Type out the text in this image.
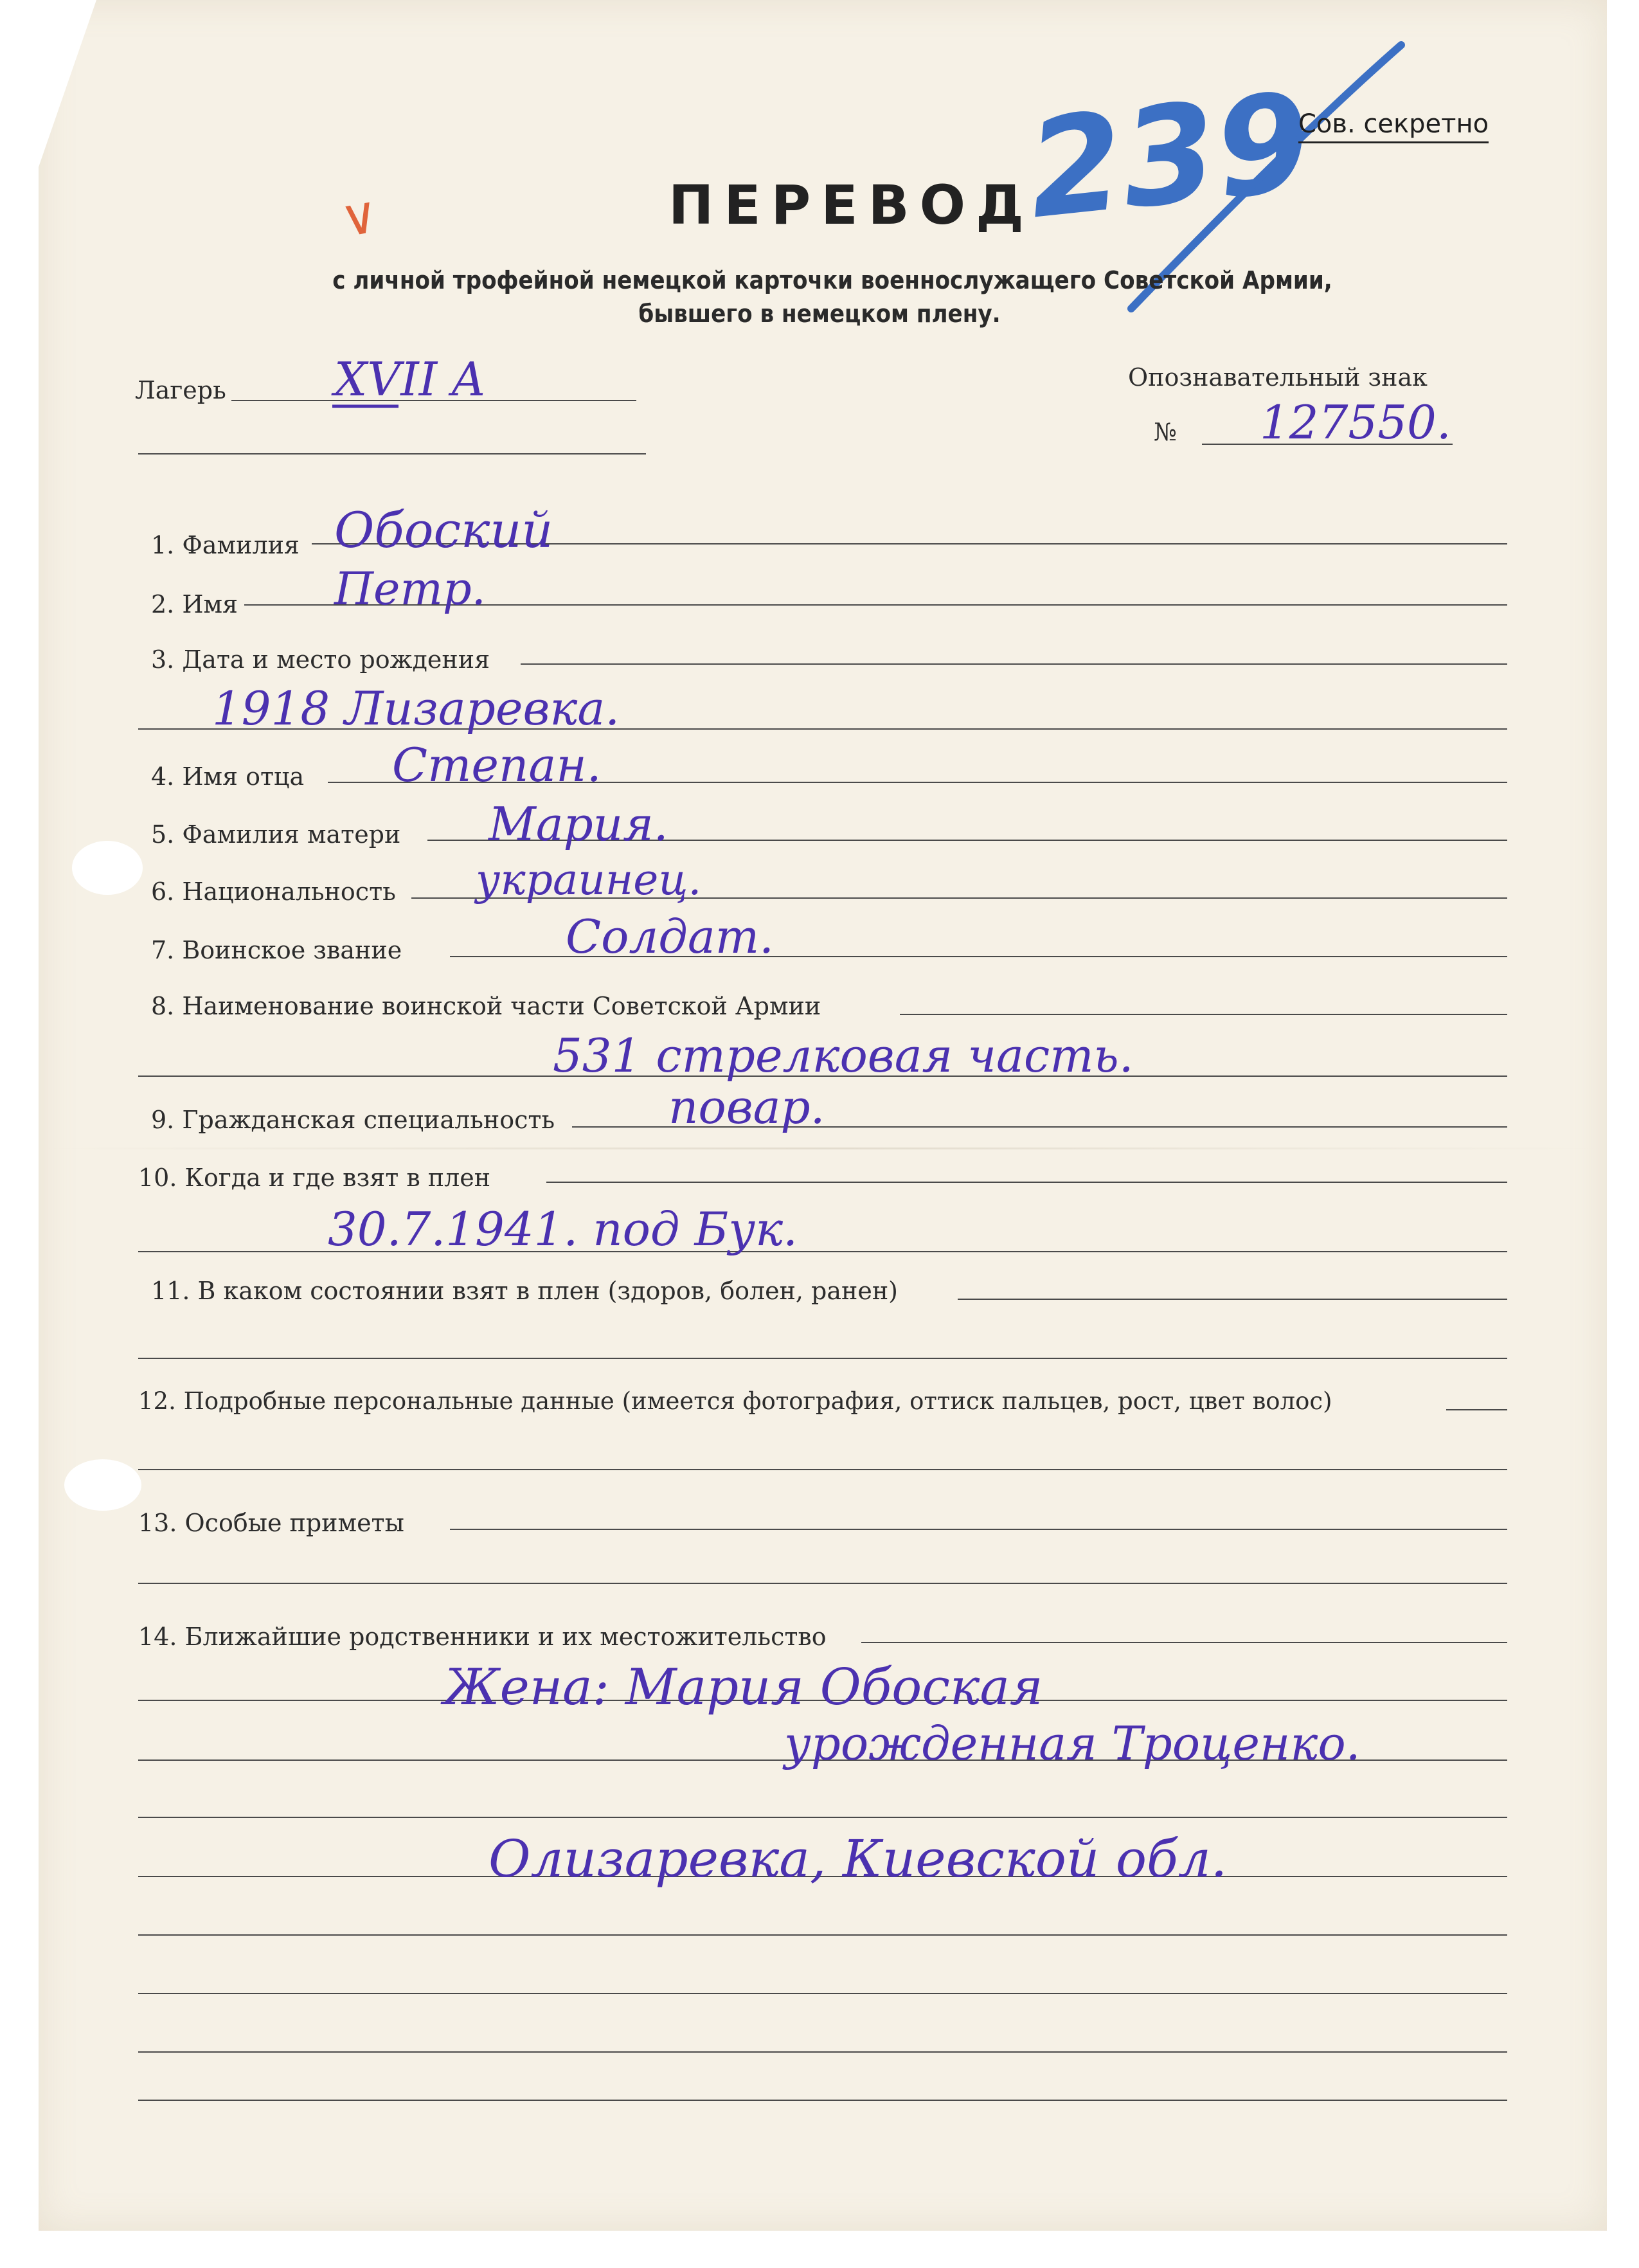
∨	239
Сов. секретно
ПЕРЕВОД
с личной трофейной немецкой карточки военнослужащего Советской Армии,
бывшего в немецком плену.
Лагерь XVII A	Опознавательный знак
№ 127550.
1. Фамилия Обоский
2. Имя Петр.
3. Дата и место рождения
1918 Лизаревка.
4. Имя отца Степан.
5. Фамилия матери Мария.
6. Национальность украинец.
7. Воинское звание	Солдат.
8. Наименование воинской части Советской Армии
531 стрелковая часть.
9. Гражданская специальность повар.
10. Когда и где взят в плен
30.7.1941. под Бук.
11. В каком состоянии взят в плен (здоров, болен, ранен)
12. Подробные персональные данные (имеется фотография, оттиск пальцев, рост, цвет волос)
13. Особые приметы
14. Ближайшие родственники и их местожительство
Жена: Мария Обоская
урожденная Троценко.
Олизаревка, Киевской обл.
